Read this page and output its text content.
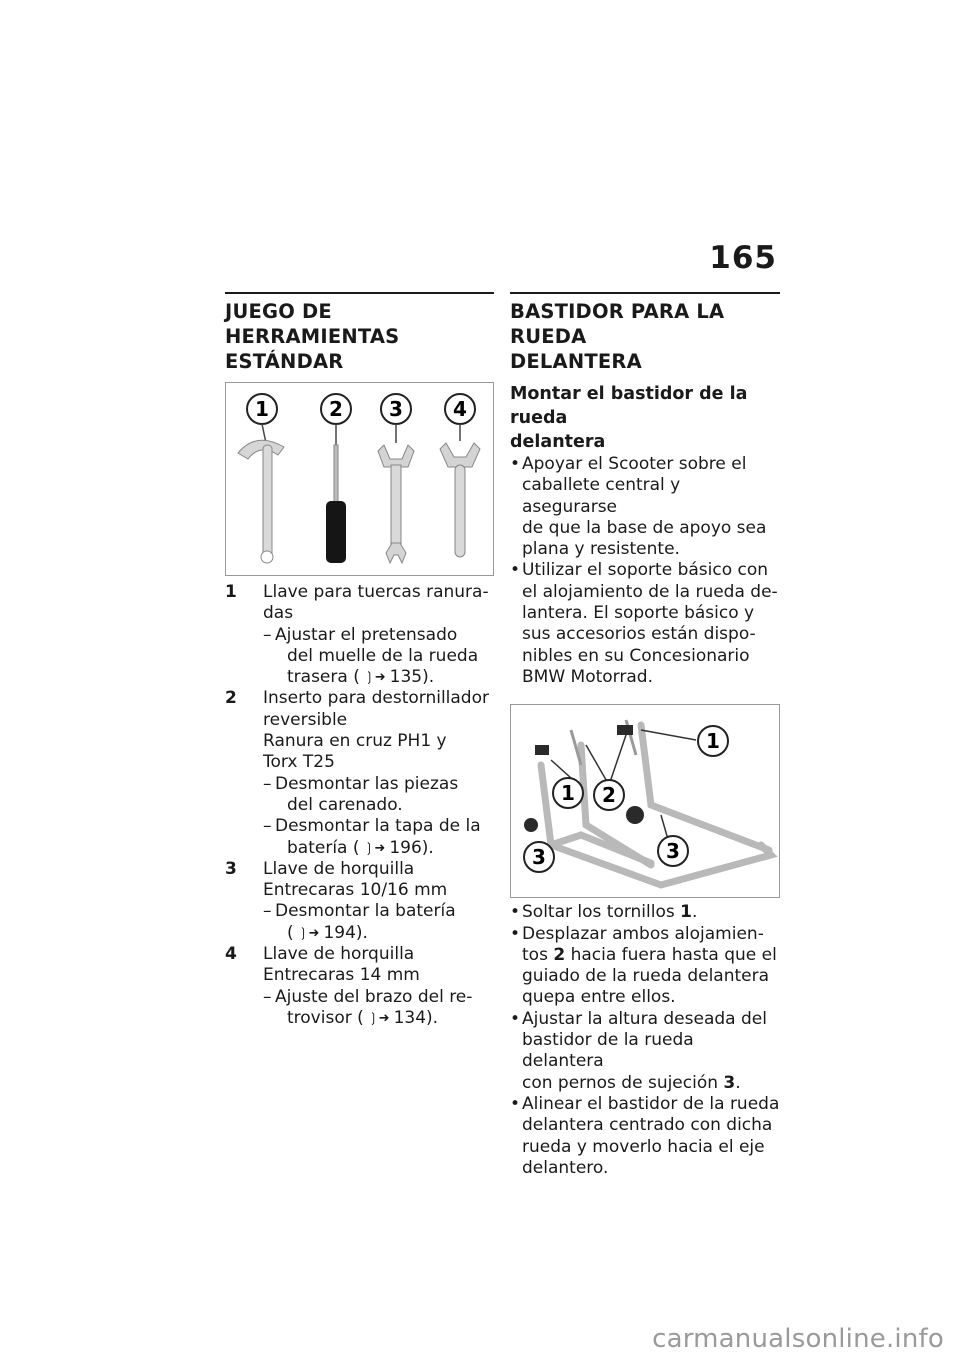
165
JUEGO DE HERRAMIENTAS
ESTÁNDAR
1	2 3	4
1 Llave para tuercas ranura-
das
– Ajustar el pretensado
del muelle de la rueda
trasera ( ❳➜ 135).
2 Inserto para destornillador
reversible
Ranura en cruz PH1 y
Torx T25
– Desmontar las piezas
del carenado.
– Desmontar la tapa de la
batería ( ❳➜ 196).
3 Llave de horquilla
Entrecaras 10/16 mm
– Desmontar la batería
( ❳➜ 194).
4 Llave de horquilla
Entrecaras 14 mm
– Ajuste del brazo del re-
trovisor ( ❳➜ 134).
BASTIDOR PARA LA RUEDA
DELANTERA
Montar el bastidor de la rueda
delantera
• Apoyar el Scooter sobre el
caballete central y asegurarse
de que la base de apoyo sea
plana y resistente.
• Utilizar el soporte básico con
el alojamiento de la rueda de-
lantera. El soporte básico y
sus accesorios están dispo-
nibles en su Concesionario
BMW Motorrad.
1
2
1
3	3
• Soltar los tornillos 1.
• Desplazar ambos alojamien-
tos 2 hacia fuera hasta que el
guiado de la rueda delantera
quepa entre ellos.
• Ajustar la altura deseada del
bastidor de la rueda delantera
con pernos de sujeción 3.
• Alinear el bastidor de la rueda
delantera centrado con dicha
rueda y moverlo hacia el eje
delantero.
carmanualsonline.info
